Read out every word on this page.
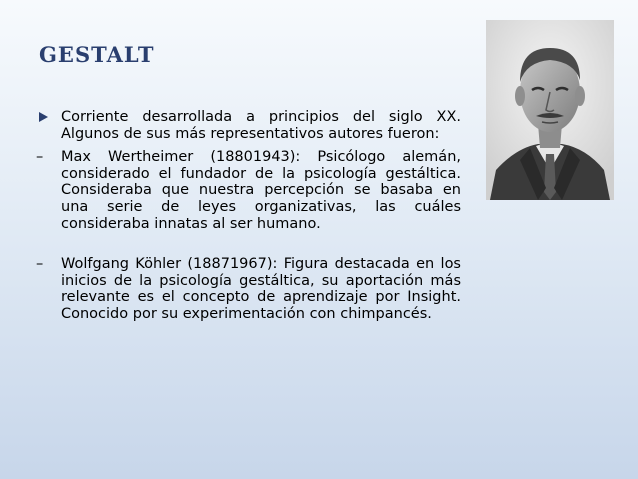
GESTALT

Corriente desarrollada a principios del siglo XX. Algunos de sus más representativos autores fueron:

– Max Wertheimer (18801943): Psicólogo alemán, considerado el fundador de la psicología gestáltica. Consideraba que nuestra percepción se basaba en una serie de leyes organizativas, las cuáles consideraba innatas al ser humano.

– Wolfgang Köhler (18871967): Figura destacada en los inicios de la psicología gestáltica, su aportación más relevante es el concepto de aprendizaje por Insight. Conocido por su experimentación con chimpancés.
